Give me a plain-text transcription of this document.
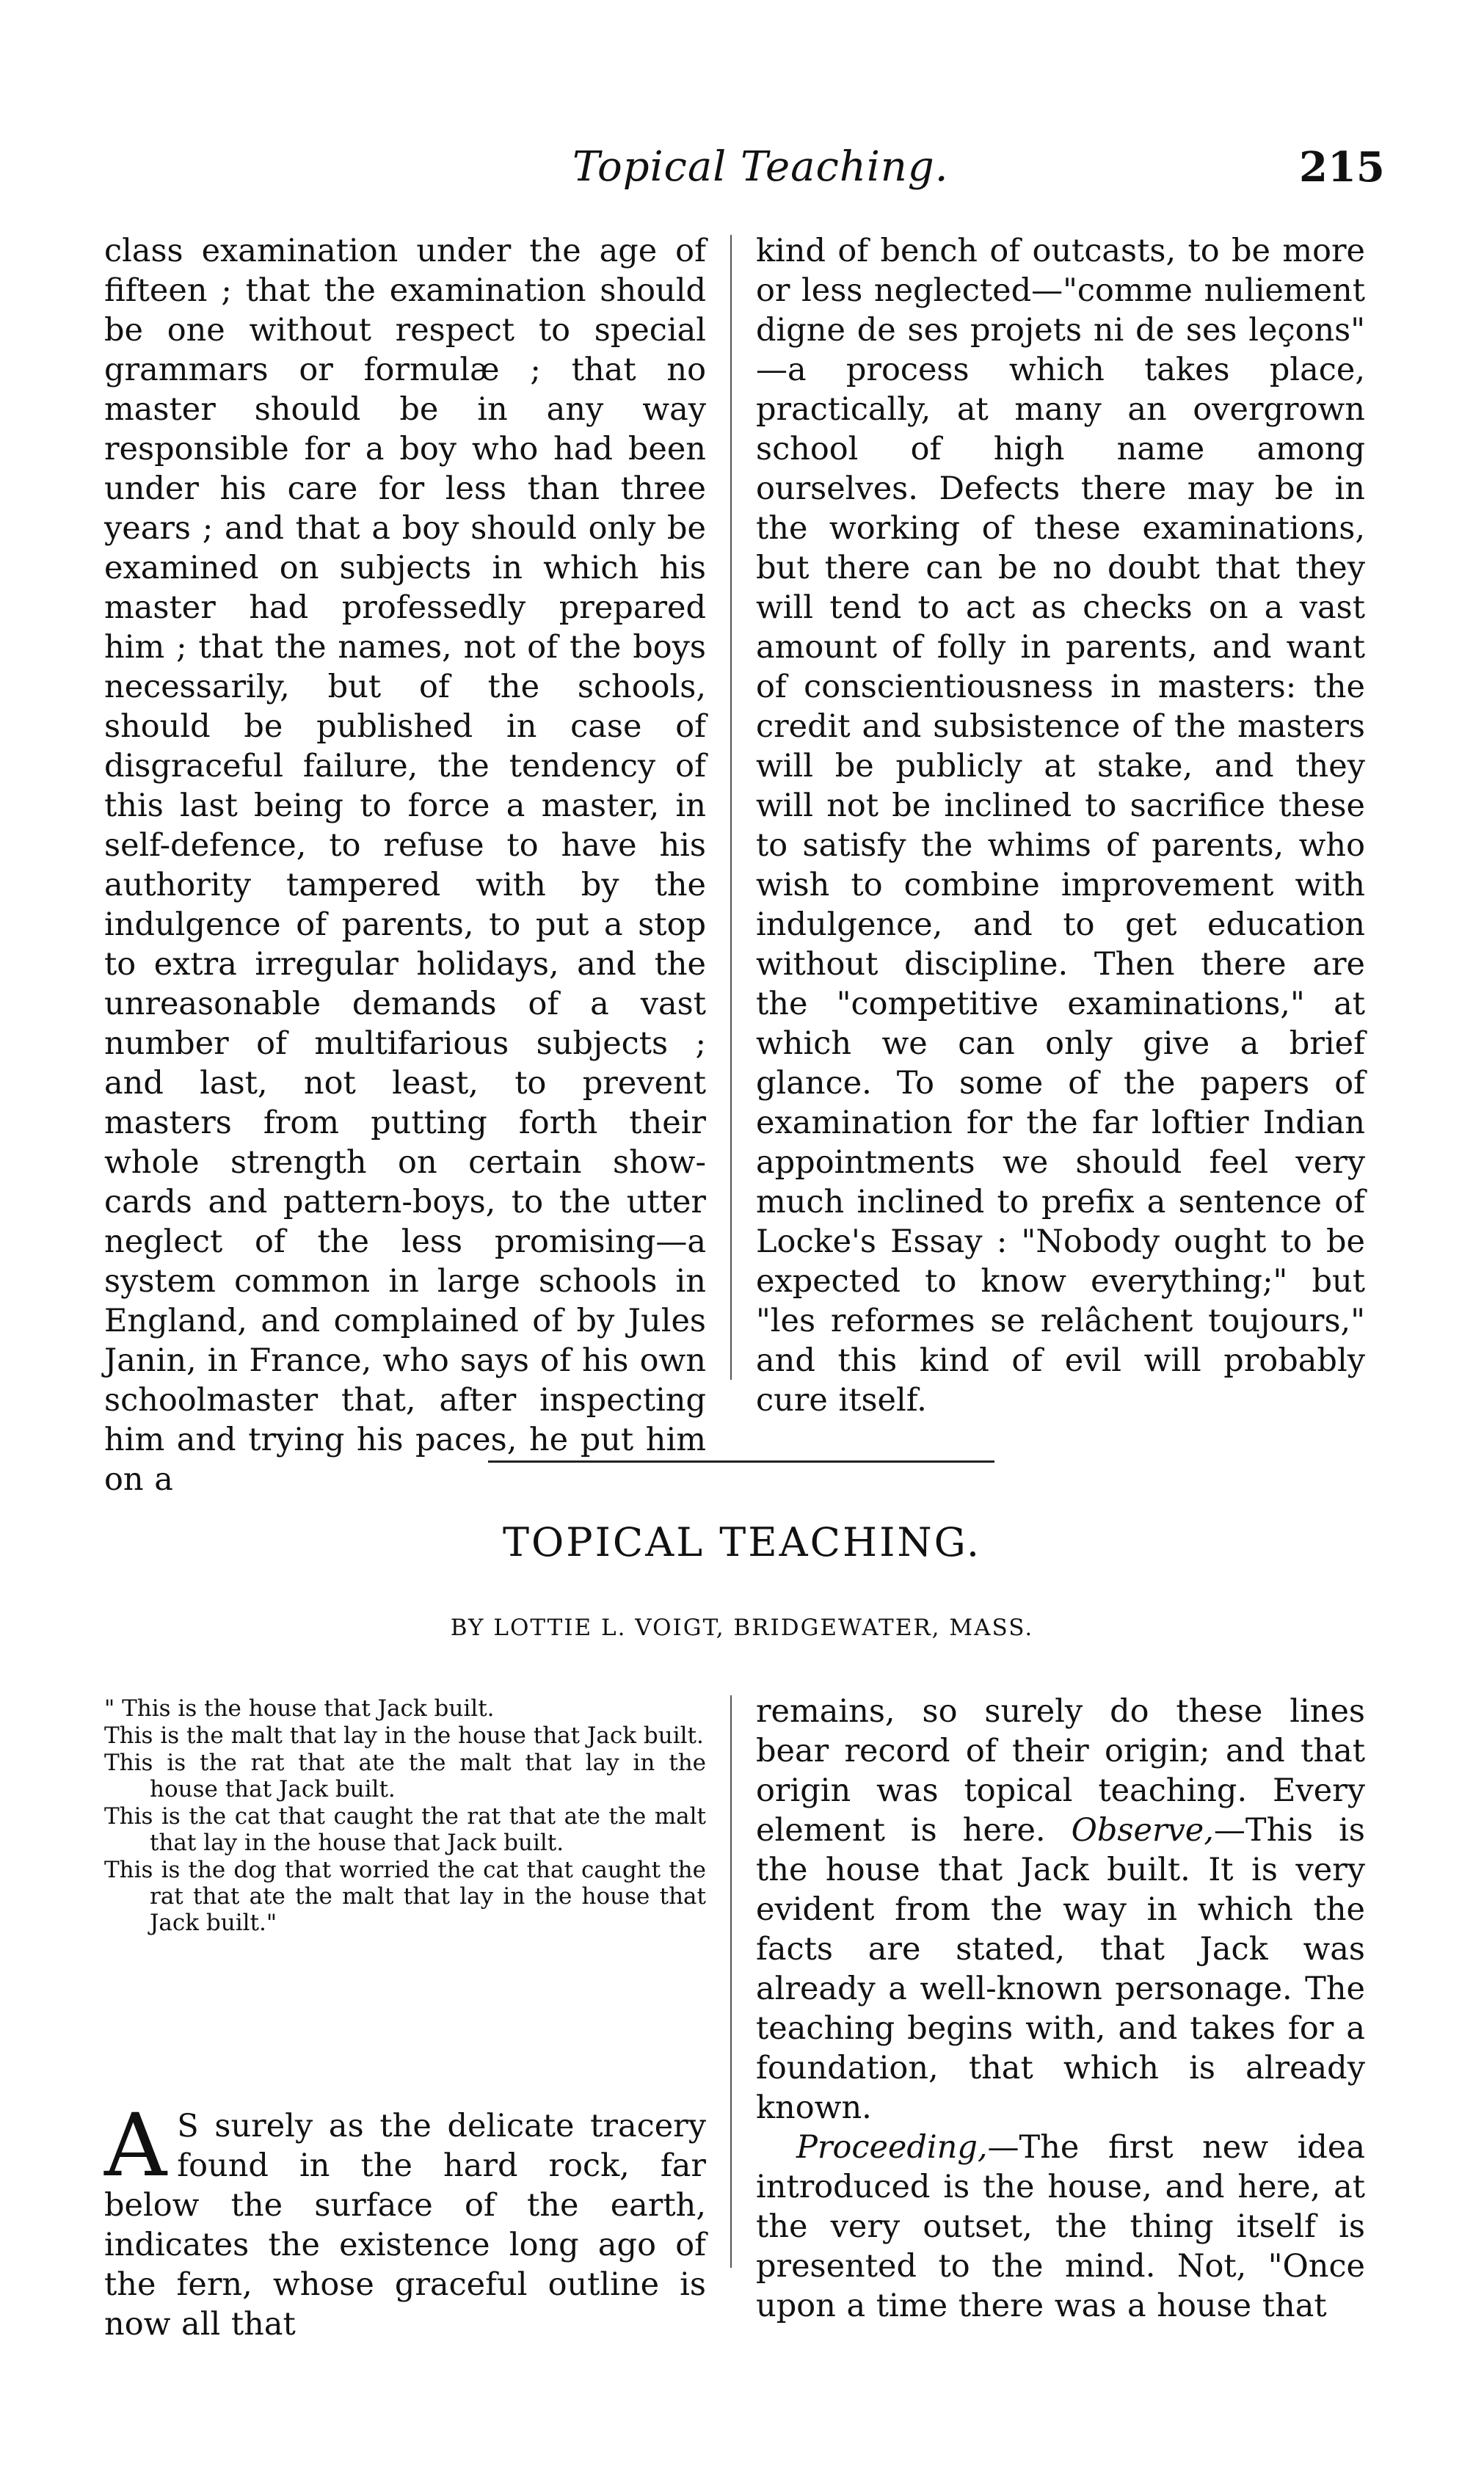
Topical Teaching.	215

class examination under the age of fifteen ; that the examination should be one without respect to special grammars or formulæ ; that no master should be in any way responsible for a boy who had been under his care for less than three years ; and that a boy should only be examined on subjects in which his master had professedly prepared him ; that the names, not of the boys necessarily, but of the schools, should be published in case of disgraceful failure, the tendency of this last being to force a master, in self-defence, to refuse to have his authority tampered with by the indulgence of parents, to put a stop to extra irregular holidays, and the unreasonable demands of a vast number of multifarious subjects ; and last, not least, to prevent masters from putting forth their whole strength on certain show-cards and pattern-boys, to the utter neglect of the less promising—a system common in large schools in England, and complained of by Jules Janin, in France, who says of his own schoolmaster that, after inspecting him and trying his paces, he put him on a

kind of bench of outcasts, to be more or less neglected—"comme nuliement digne de ses projets ni de ses leçons" —a process which takes place, practically, at many an overgrown school of high name among ourselves. Defects there may be in the working of these examinations, but there can be no doubt that they will tend to act as checks on a vast amount of folly in parents, and want of conscientiousness in masters: the credit and subsistence of the masters will be publicly at stake, and they will not be inclined to sacrifice these to satisfy the whims of parents, who wish to combine improvement with indulgence, and to get education without discipline. Then there are the "competitive examinations," at which we can only give a brief glance. To some of the papers of examination for the far loftier Indian appointments we should feel very much inclined to prefix a sentence of Locke's Essay : "Nobody ought to be expected to know everything;" but "les reformes se relâchent toujours," and this kind of evil will probably cure itself.

TOPICAL TEACHING.
BY LOTTIE L. VOIGT, BRIDGEWATER, MASS.

" This is the house that Jack built.

This is the malt that lay in the house that Jack built.

This is the rat that ate the malt that lay in the house that Jack built.

This is the cat that caught the rat that ate the malt that lay in the house that Jack built.

This is the dog that worried the cat that caught the rat that ate the malt that lay in the house that Jack built."

A S surely as the delicate tracery found in the hard rock, far below the surface of the earth, indicates the existence long ago of the fern, whose graceful outline is now all that

remains, so surely do these lines bear record of their origin; and that origin was topical teaching. Every element is here. Observe,—This is the house that Jack built. It is very evident from the way in which the facts are stated, that Jack was already a well-known personage. The teaching begins with, and takes for a foundation, that which is already known.

Proceeding,—The first new idea introduced is the house, and here, at the very outset, the thing itself is presented to the mind. Not, "Once upon a time there was a house that
